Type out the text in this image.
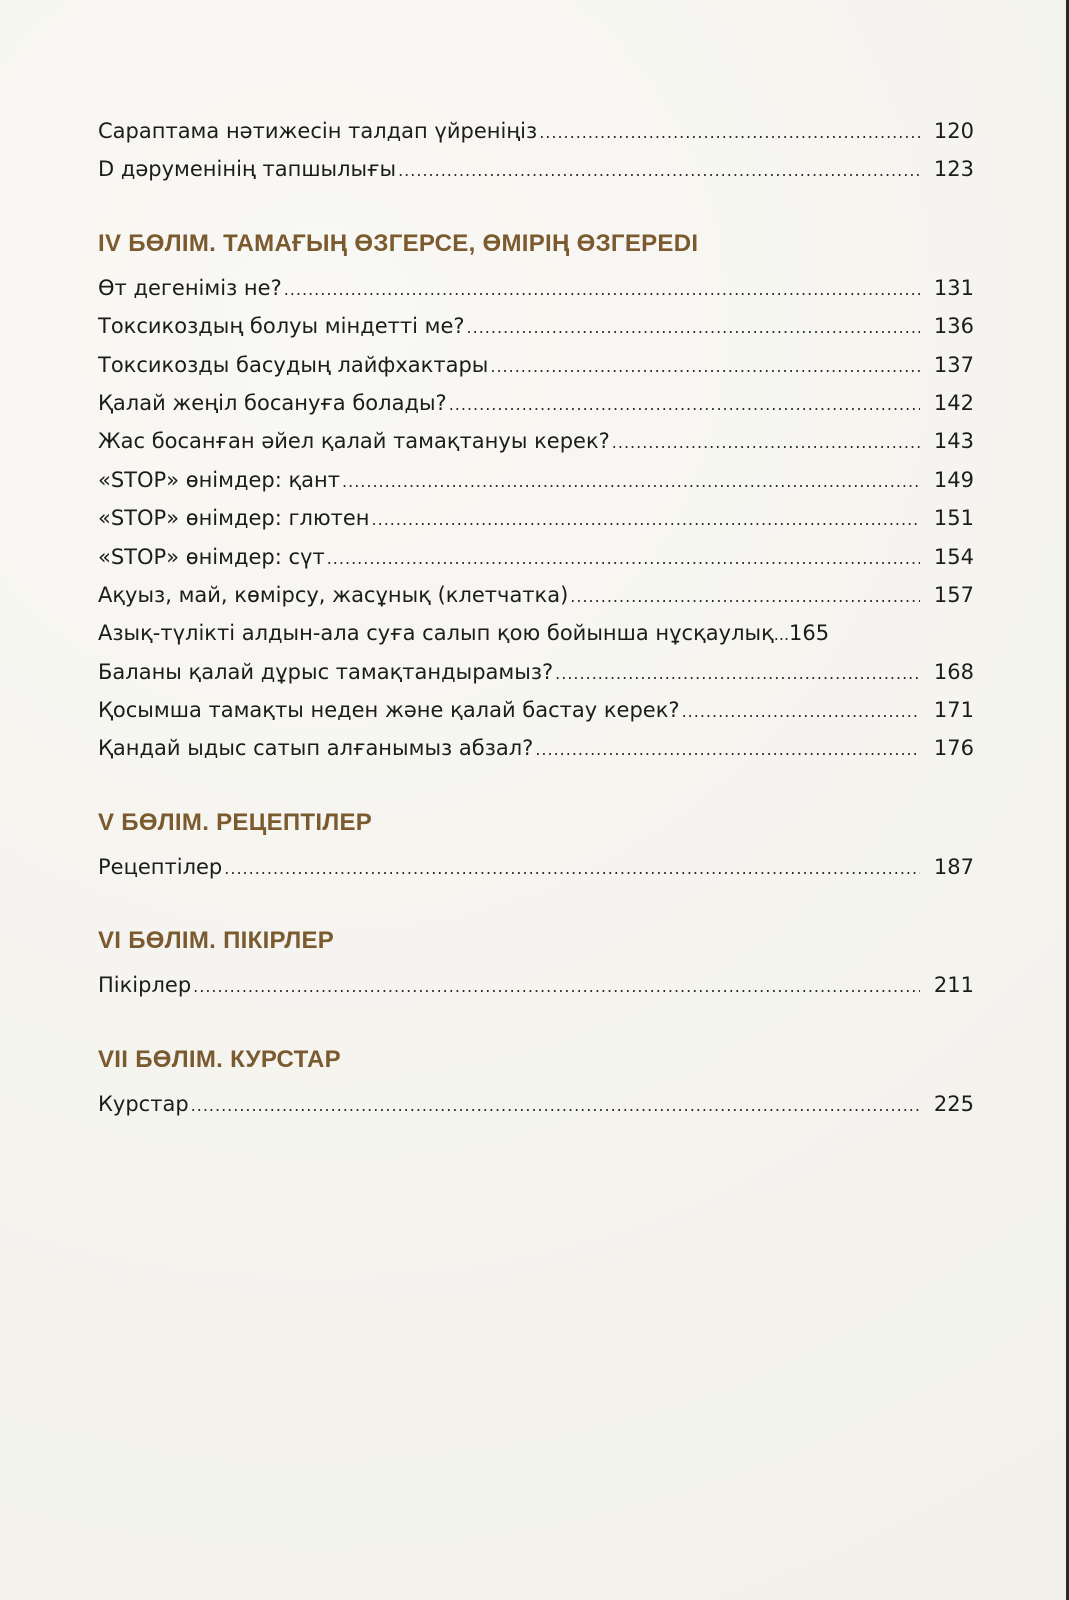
Сараптама нәтижесін талдап үйреніңіз .....	120
D дәруменінің тапшылығы .....	123
IV БӨЛІМ. ТАМАҒЫҢ ӨЗГЕРСЕ, ӨМІРІҢ ӨЗГЕРЕDI
Өт дегеніміз не? .....	131
Токсикоздың болуы міндетті ме? .....	136
Токсикозды басудың лайфхактары .....	137
Қалай жеңіл босануға болады? .....	142
Жас босанған әйел қалай тамақтануы керек? .....	143
«STOP» өнімдер: қант .....	149
«STOP» өнімдер: глютен .....	151
«STOP» өнімдер: сүт .....	154
Ақуыз, май, көмірсу, жасұнық (клетчатка) .....	157
Азық-түлікті алдын-ала суға салып қою бойынша нұсқаулық ... 165
Баланы қалай дұрыс тамақтандырамыз? .....	168
Қосымша тамақты неден және қалай бастау керек? .....	171
Қандай ыдыс сатып алғанымыз абзал? .....	176
V БӨЛІМ. РЕЦЕПТІЛЕР
Рецептілер .....	187
VI БӨЛІМ. ПІКІРЛЕР
Пікірлер .....	211
VII БӨЛІМ. КУРСТАР
Курстар .....	225
